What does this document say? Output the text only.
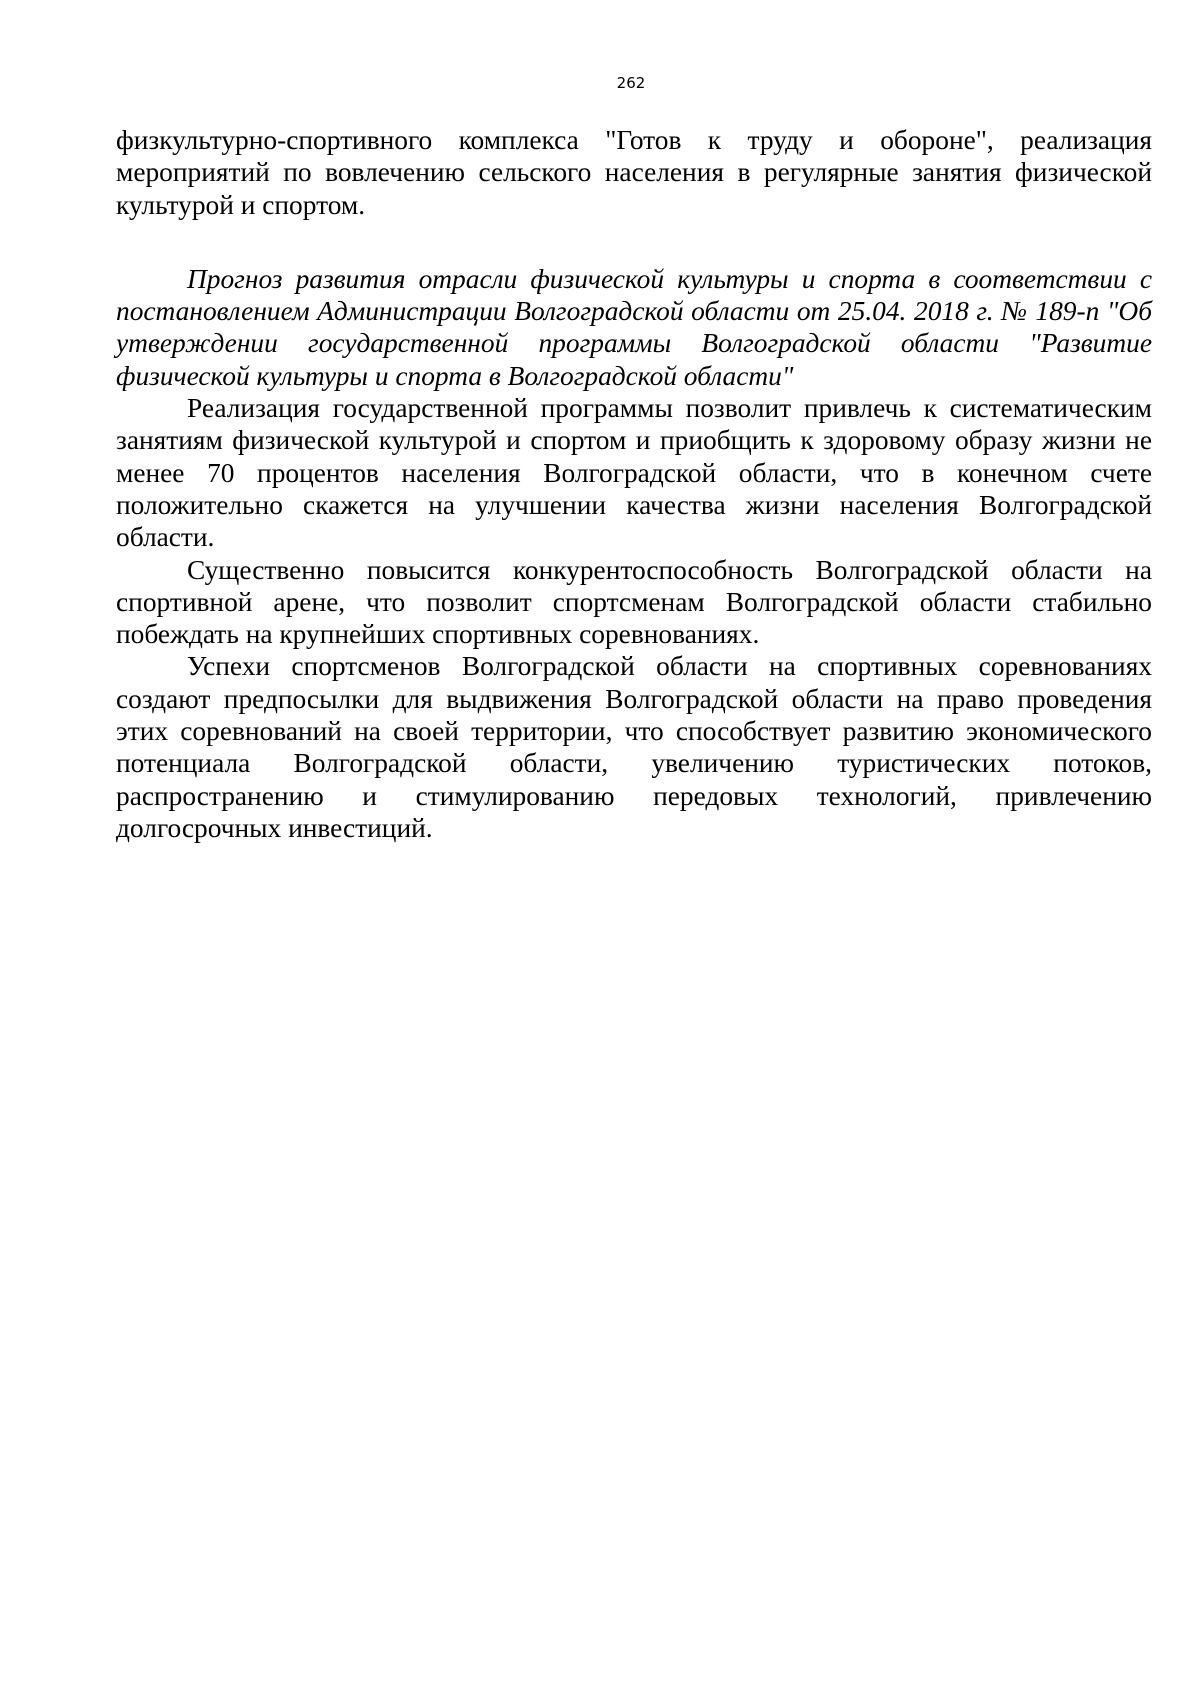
262

физкультурно-спортивного комплекса "Готов к труду и обороне", реализация мероприятий по вовлечению сельского населения в регулярные занятия физической культурой и спортом.

Прогноз развития отрасли физической культуры и спорта в соответствии с постановлением Администрации Волгоградской области от 25.04. 2018 г. № 189-п "Об утверждении государственной программы Волгоградской области "Развитие физической культуры и спорта в Волгоградской области"

Реализация государственной программы позволит привлечь к систематическим занятиям физической культурой и спортом и приобщить к здоровому образу жизни не менее 70 процентов населения Волгоградской области, что в конечном счете положительно скажется на улучшении качества жизни населения Волгоградской области.

Существенно повысится конкурентоспособность Волгоградской области на спортивной арене, что позволит спортсменам Волгоградской области стабильно побеждать на крупнейших спортивных соревнованиях.

Успехи спортсменов Волгоградской области на спортивных соревнованиях создают предпосылки для выдвижения Волгоградской области на право проведения этих соревнований на своей территории, что способствует развитию экономического потенциала Волгоградской области, увеличению туристических потоков, распространению и стимулированию передовых технологий, привлечению долгосрочных инвестиций.
